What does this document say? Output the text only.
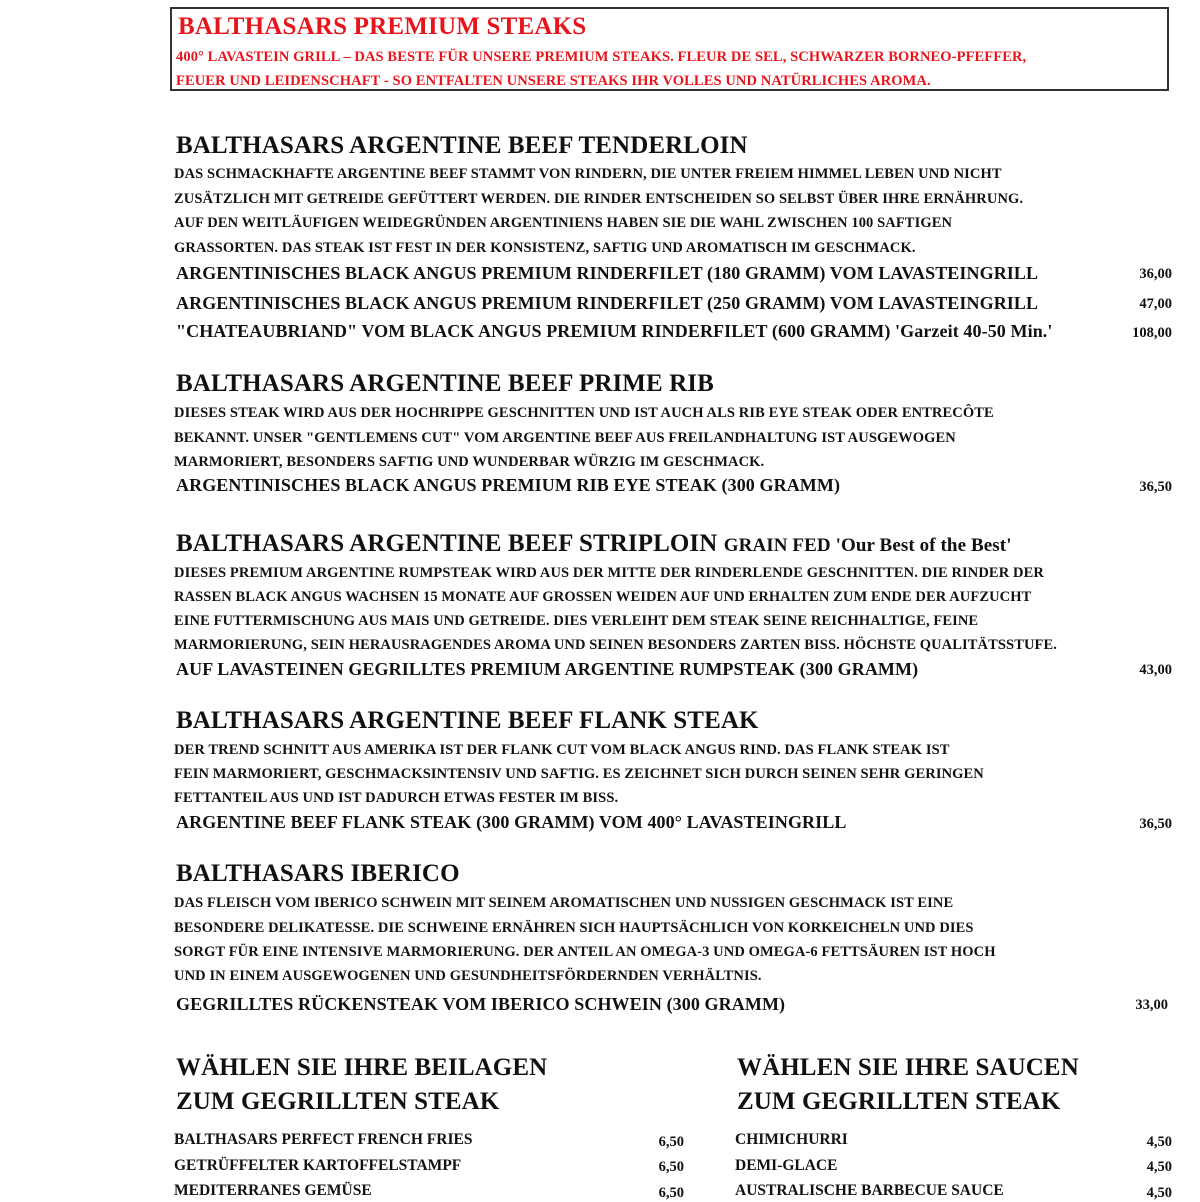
BALTHASARS PREMIUM STEAKS
400° LAVASTEIN GRILL – DAS BESTE FÜR UNSERE PREMIUM STEAKS. FLEUR DE SEL, SCHWARZER BORNEO-PFEFFER,
FEUER UND LEIDENSCHAFT - SO ENTFALTEN UNSERE STEAKS IHR VOLLES UND NATÜRLICHES AROMA.
BALTHASARS ARGENTINE BEEF TENDERLOIN
DAS SCHMACKHAFTE ARGENTINE BEEF STAMMT VON RINDERN, DIE UNTER FREIEM HIMMEL LEBEN UND NICHT
ZUSÄTZLICH MIT GETREIDE GEFÜTTERT WERDEN. DIE RINDER ENTSCHEIDEN SO SELBST ÜBER IHRE ERNÄHRUNG.
AUF DEN WEITLÄUFIGEN WEIDEGRÜNDEN ARGENTINIENS HABEN SIE DIE WAHL ZWISCHEN 100 SAFTIGEN
GRASSORTEN. DAS STEAK IST FEST IN DER KONSISTENZ, SAFTIG UND AROMATISCH IM GESCHMACK.
ARGENTINISCHES BLACK ANGUS PREMIUM RINDERFILET (180 GRAMM) VOM LAVASTEINGRILL	36,00
ARGENTINISCHES BLACK ANGUS PREMIUM RINDERFILET (250 GRAMM) VOM LAVASTEINGRILL	47,00
"CHATEAUBRIAND" VOM BLACK ANGUS PREMIUM RINDERFILET (600 GRAMM) 'Garzeit 40-50 Min.'	108,00
BALTHASARS ARGENTINE BEEF PRIME RIB
DIESES STEAK WIRD AUS DER HOCHRIPPE GESCHNITTEN UND IST AUCH ALS RIB EYE STEAK ODER ENTRECÔTE
BEKANNT. UNSER "GENTLEMENS CUT" VOM ARGENTINE BEEF AUS FREILANDHALTUNG IST AUSGEWOGEN
MARMORIERT, BESONDERS SAFTIG UND WUNDERBAR WÜRZIG IM GESCHMACK.
ARGENTINISCHES BLACK ANGUS PREMIUM RIB EYE STEAK (300 GRAMM)	36,50
BALTHASARS ARGENTINE BEEF STRIPLOIN GRAIN FED 'Our Best of the Best'
DIESES PREMIUM ARGENTINE RUMPSTEAK WIRD AUS DER MITTE DER RINDERLENDE GESCHNITTEN. DIE RINDER DER
RASSEN BLACK ANGUS WACHSEN 15 MONATE AUF GROSSEN WEIDEN AUF UND ERHALTEN ZUM ENDE DER AUFZUCHT
EINE FUTTERMISCHUNG AUS MAIS UND GETREIDE. DIES VERLEIHT DEM STEAK SEINE REICHHALTIGE, FEINE
MARMORIERUNG, SEIN HERAUSRAGENDES AROMA UND SEINEN BESONDERS ZARTEN BISS. HÖCHSTE QUALITÄTSSTUFE.
AUF LAVASTEINEN GEGRILLTES PREMIUM ARGENTINE RUMPSTEAK (300 GRAMM)	43,00
BALTHASARS ARGENTINE BEEF FLANK STEAK
DER TREND SCHNITT AUS AMERIKA IST DER FLANK CUT VOM BLACK ANGUS RIND. DAS FLANK STEAK IST
FEIN MARMORIERT, GESCHMACKSINTENSIV UND SAFTIG. ES ZEICHNET SICH DURCH SEINEN SEHR GERINGEN
FETTANTEIL AUS UND IST DADURCH ETWAS FESTER IM BISS.
ARGENTINE BEEF FLANK STEAK (300 GRAMM) VOM 400° LAVASTEINGRILL	36,50
BALTHASARS IBERICO
DAS FLEISCH VOM IBERICO SCHWEIN MIT SEINEM AROMATISCHEN UND NUSSIGEN GESCHMACK IST EINE
BESONDERE DELIKATESSE. DIE SCHWEINE ERNÄHREN SICH HAUPTSÄCHLICH VON KORKEICHELN UND DIES
SORGT FÜR EINE INTENSIVE MARMORIERUNG. DER ANTEIL AN OMEGA-3 UND OMEGA-6 FETTSÄUREN IST HOCH
UND IN EINEM AUSGEWOGENEN UND GESUNDHEITSFÖRDERNDEN VERHÄLTNIS.
GEGRILLTES RÜCKENSTEAK VOM IBERICO SCHWEIN (300 GRAMM)	33,00
WÄHLEN SIE IHRE BEILAGEN
ZUM GEGRILLTEN STEAK
BALTHASARS PERFECT FRENCH FRIES	6,50
GETRÜFFELTER KARTOFFELSTAMPF	6,50
MEDITERRANES GEMÜSE	6,50
WÄHLEN SIE IHRE SAUCEN
ZUM GEGRILLTEN STEAK
CHIMICHURRI	4,50
DEMI-GLACE	4,50
AUSTRALISCHE BARBECUE SAUCE	4,50
